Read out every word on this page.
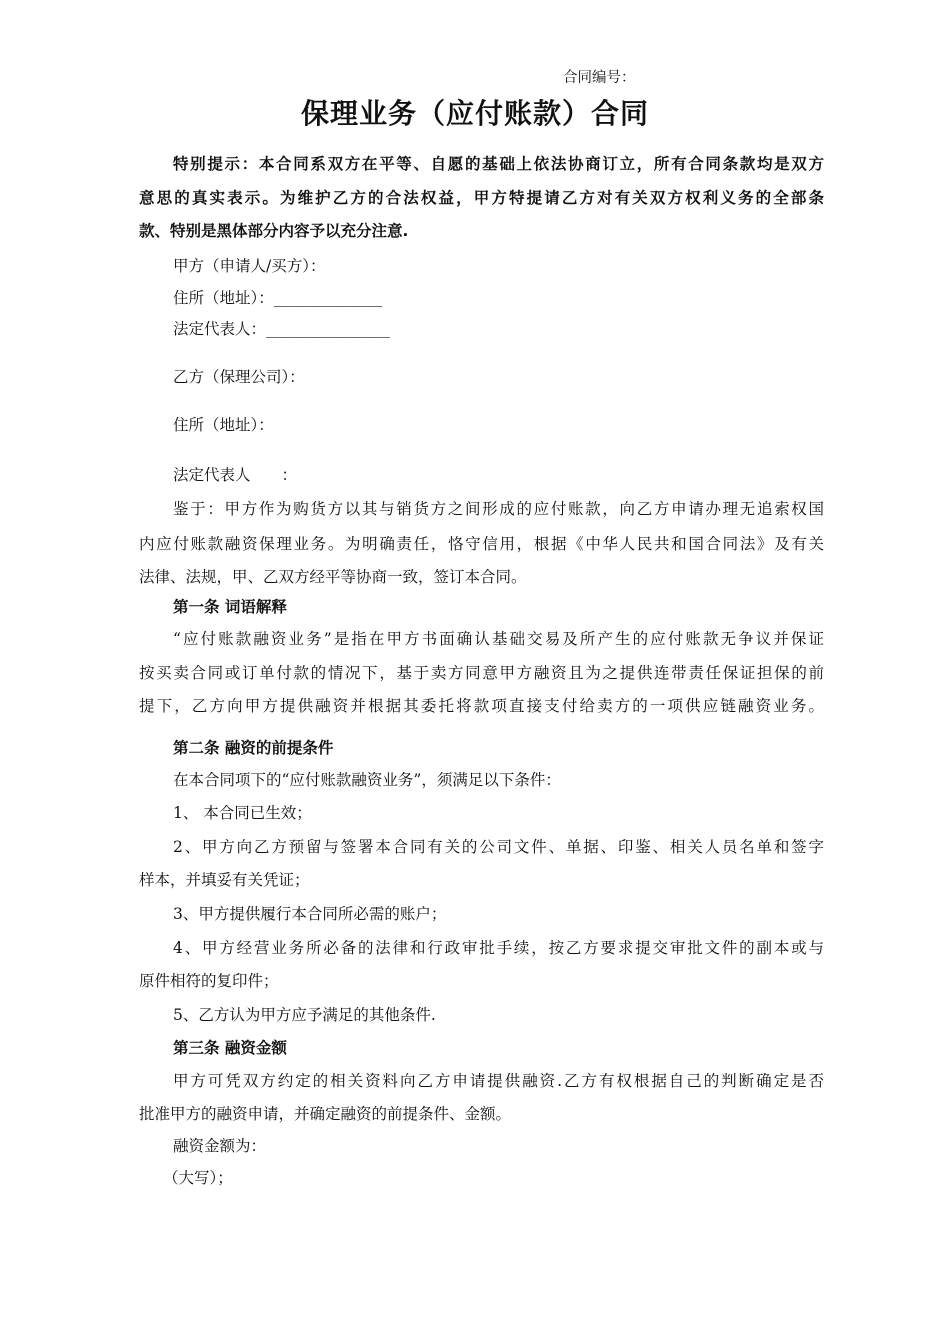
合同编号：
保理业务（应付账款）合同
特别提示：本合同系双方在平等、自愿的基础上依法协商订立，所有合同条款均是双方
意思的真实表示。为维护乙方的合法权益，甲方特提请乙方对有关双方权利义务的全部条
款、特别是黑体部分内容予以充分注意.
甲方（申请人/买方）：
住所（地址）：______________
法定代表人：________________
乙方（保理公司）：
住所（地址）：
法定代表人　　：
鉴于：甲方作为购货方以其与销货方之间形成的应付账款，向乙方申请办理无追索权国
内应付账款融资保理业务。为明确责任，恪守信用，根据《中华人民共和国合同法》及有关
法律、法规，甲、乙双方经平等协商一致，签订本合同。
第一条 词语解释
“应付账款融资业务”是指在甲方书面确认基础交易及所产生的应付账款无争议并保证
按买卖合同或订单付款的情况下，基于卖方同意甲方融资且为之提供连带责任保证担保的前
提下，乙方向甲方提供融资并根据其委托将款项直接支付给卖方的一项供应链融资业务。
第二条 融资的前提条件
在本合同项下的“应付账款融资业务”，须满足以下条件：
1、 本合同已生效；
2、甲方向乙方预留与签署本合同有关的公司文件、单据、印鉴、相关人员名单和签字
样本，并填妥有关凭证；
3、甲方提供履行本合同所必需的账户；
4、甲方经营业务所必备的法律和行政审批手续，按乙方要求提交审批文件的副本或与
原件相符的复印件；
5、乙方认为甲方应予满足的其他条件.
第三条 融资金额
甲方可凭双方约定的相关资料向乙方申请提供融资.乙方有权根据自己的判断确定是否
批准甲方的融资申请，并确定融资的前提条件、金额。
融资金额为：
（大写）；
